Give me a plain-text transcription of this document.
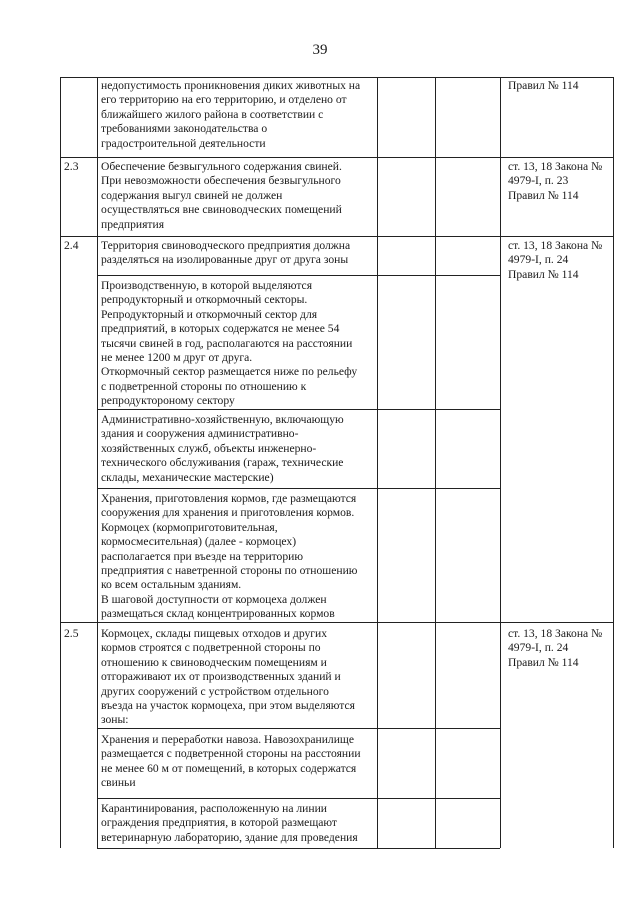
39
недопустимость проникновения диких животных на
его территорию на его территорию, и отделено от
ближайшего жилого района в соответствии с
требованиями законодательства о
градостроительной деятельности
Правил № 114
2.3 Обеспечение безвыгульного содержания свиней.
При невозможности обеспечения безвыгульного
содержания выгул свиней не должен
осуществляться вне свиноводческих помещений
предприятия
ст. 13, 18 Закона №
4979-I, п. 23
Правил № 114
2.4 Территория свиноводческого предприятия должна
разделяться на изолированные друг от друга зоны
ст. 13, 18 Закона №
4979-I, п. 24
Правил № 114
Производственную, в которой выделяются
репродукторный и откормочный секторы.
Репродукторный и откормочный сектор для
предприятий, в которых содержатся не менее 54
тысячи свиней в год, располагаются на расстоянии
не менее 1200 м друг от друга.
Откормочный сектор размещается ниже по рельефу
с подветренной стороны по отношению к
репродуктороному сектору
Административно-хозяйственную, включающую
здания и сооружения административно-
хозяйственных служб, объекты инженерно-
технического обслуживания (гараж, технические
склады, механические мастерские)
Хранения, приготовления кормов, где размещаются
сооружения для хранения и приготовления кормов.
Кормоцех (кормоприготовительная,
кормосмесительная) (далее - кормоцех)
располагается при въезде на территорию
предприятия с наветренной стороны по отношению
ко всем остальным зданиям.
В шаговой доступности от кормоцеха должен
размещаться склад концентрированных кормов
2.5 Кормоцех, склады пищевых отходов и других
кормов строятся с подветренной стороны по
отношению к свиноводческим помещениям и
отгораживают их от производственных зданий и
других сооружений с устройством отдельного
въезда на участок кормоцеха, при этом выделяются
зоны:
ст. 13, 18 Закона №
4979-I, п. 24
Правил № 114
Хранения и переработки навоза. Навозохранилище
размещается с подветренной стороны на расстоянии
не менее 60 м от помещений, в которых содержатся
свиньи
Карантинирования, расположенную на линии
ограждения предприятия, в которой размещают
ветеринарную лабораторию, здание для проведения
